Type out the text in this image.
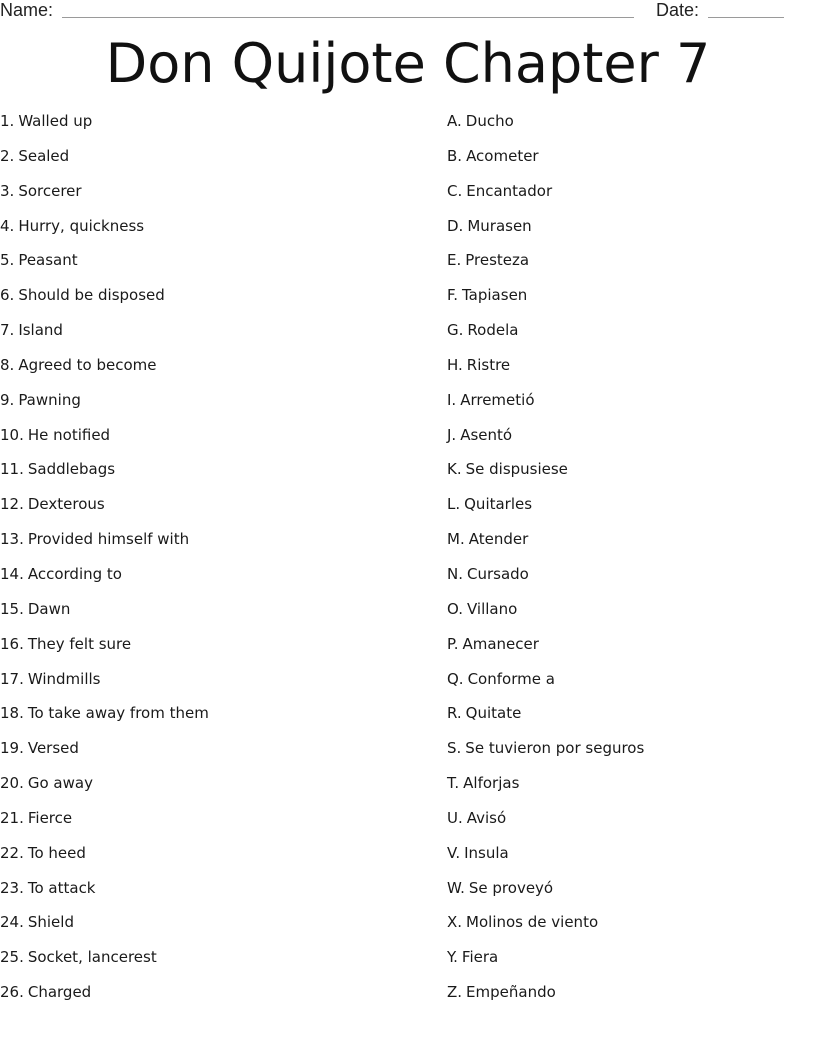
Name:	Date:
Don Quijote Chapter 7
1. Walled up
2. Sealed
3. Sorcerer
4. Hurry, quickness
5. Peasant
6. Should be disposed
7. Island
8. Agreed to become
9. Pawning
10. He notified
11. Saddlebags
12. Dexterous
13. Provided himself with
14. According to
15. Dawn
16. They felt sure
17. Windmills
18. To take away from them
19. Versed
20. Go away
21. Fierce
22. To heed
23. To attack
24. Shield
25. Socket, lancerest
26. Charged
A. Ducho
B. Acometer
C. Encantador
D. Murasen
E. Presteza
F. Tapiasen
G. Rodela
H. Ristre
I. Arremetió
J. Asentó
K. Se dispusiese
L. Quitarles
M. Atender
N. Cursado
O. Villano
P. Amanecer
Q. Conforme a
R. Quitate
S. Se tuvieron por seguros
T. Alforjas
U. Avisó
V. Insula
W. Se proveyó
X. Molinos de viento
Y. Fiera
Z. Empeñando
